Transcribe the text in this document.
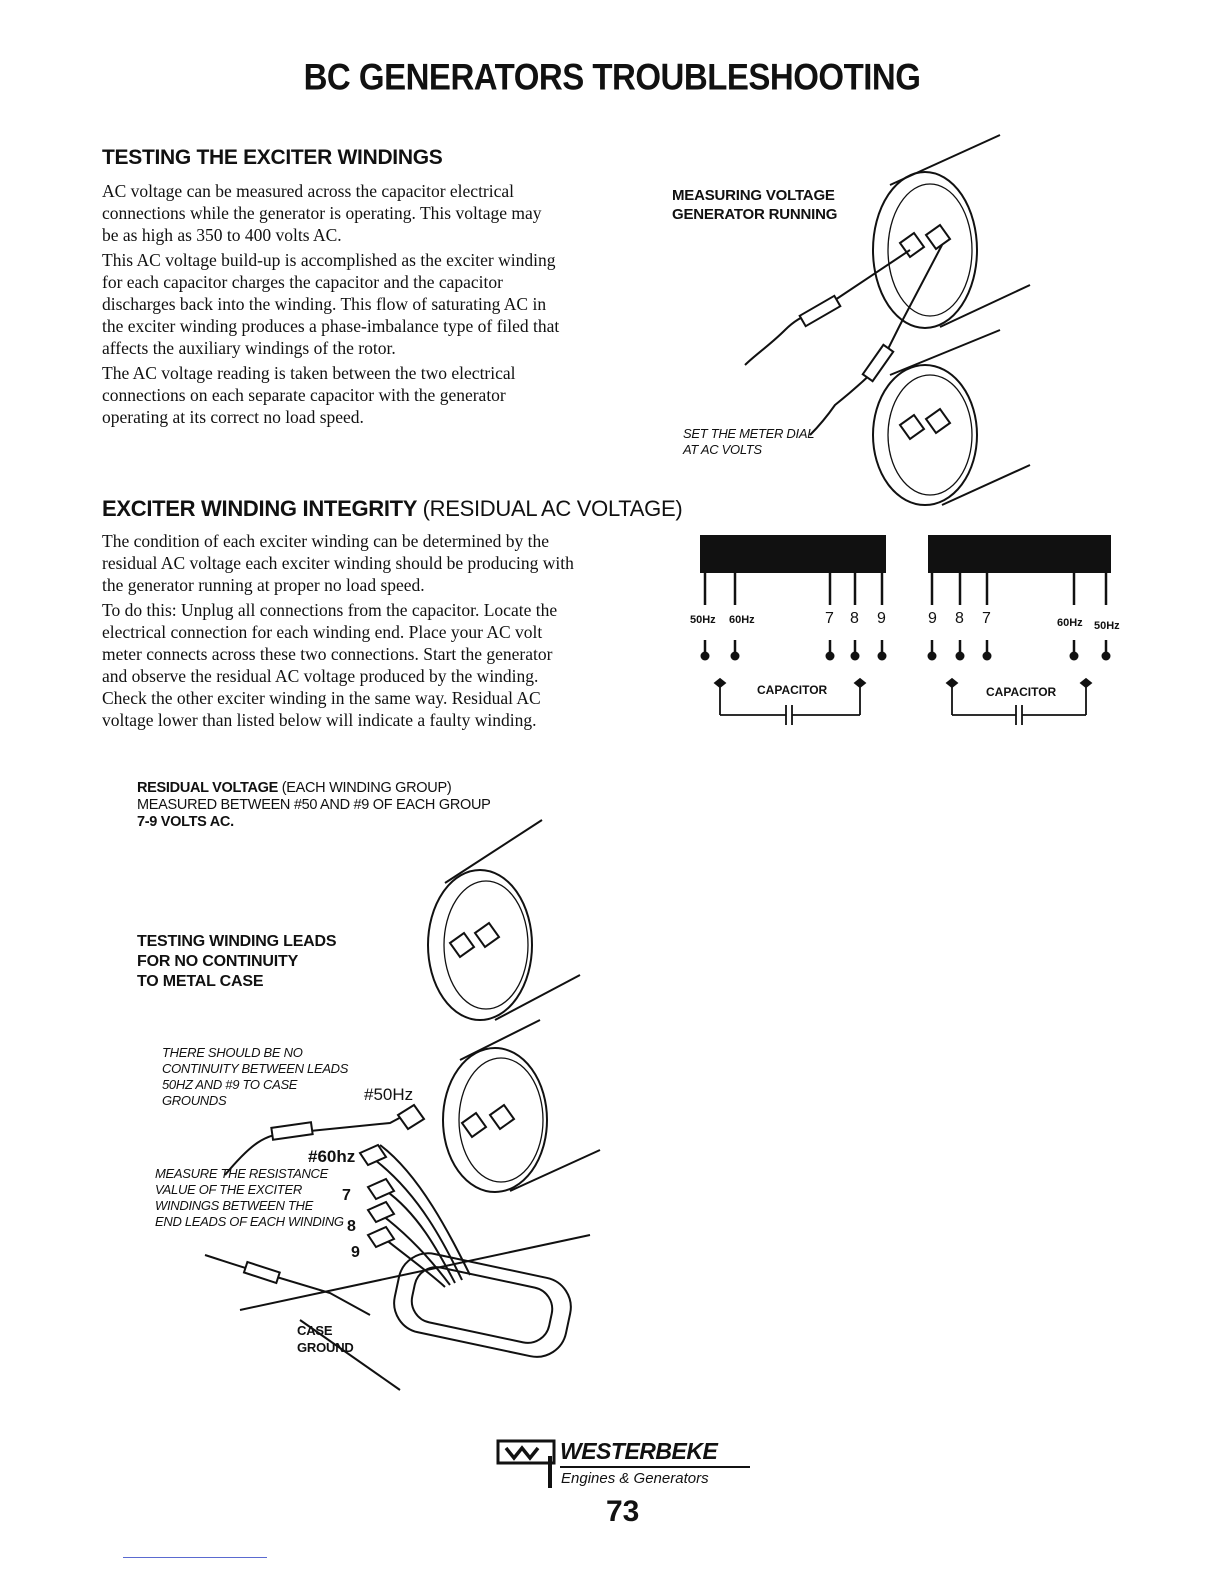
BC GENERATORS TROUBLESHOOTING
TESTING THE EXCITER WINDINGS

AC voltage can be measured across the capacitor electrical connections while the generator is operating. This voltage may be as high as 350 to 400 volts AC.

This AC voltage build-up is accomplished as the exciter winding for each capacitor charges the capacitor and the capacitor discharges back into the winding. This flow of saturating AC in the exciter winding produces a phase-imbalance type of filed that affects the auxiliary windings of the rotor.

The AC voltage reading is taken between the two electrical connections on each separate capacitor with the generator operating at its correct no load speed.

EXCITER WINDING INTEGRITY (RESIDUAL AC VOLTAGE)

The condition of each exciter winding can be determined by the residual AC voltage each exciter winding should be producing with the generator running at proper no load speed.

To do this: Unplug all connections from the capacitor. Locate the electrical connection for each winding end. Place your AC volt meter connects across these two connections. Start the generator and observe the residual AC voltage produced by the winding. Check the other exciter winding in the same way. Residual AC voltage lower than listed below will indicate a faulty winding.

RESIDUAL VOLTAGE (EACH WINDING GROUP)
MEASURED BETWEEN #50 AND #9 OF EACH GROUP
7-9 VOLTS AC.
MEASURING VOLTAGE
GENERATOR RUNNING
SET THE METER DIAL
AT AC VOLTS
50Hz 60Hz	7 8 9	9 8 7	60Hz 50Hz
CAPACITOR	CAPACITOR
TESTING WINDING LEADS
FOR NO CONTINUITY
TO METAL CASE
THERE SHOULD BE NO
CONTINUITY BETWEEN LEADS
50HZ AND #9 TO CASE
GROUNDS
MEASURE THE RESISTANCE
VALUE OF THE EXCITER
WINDINGS BETWEEN THE
END LEADS OF EACH WINDING
#50Hz
#60hz
7
8
9
CASE
GROUND
WESTERBEKE
Engines & Generators
73
